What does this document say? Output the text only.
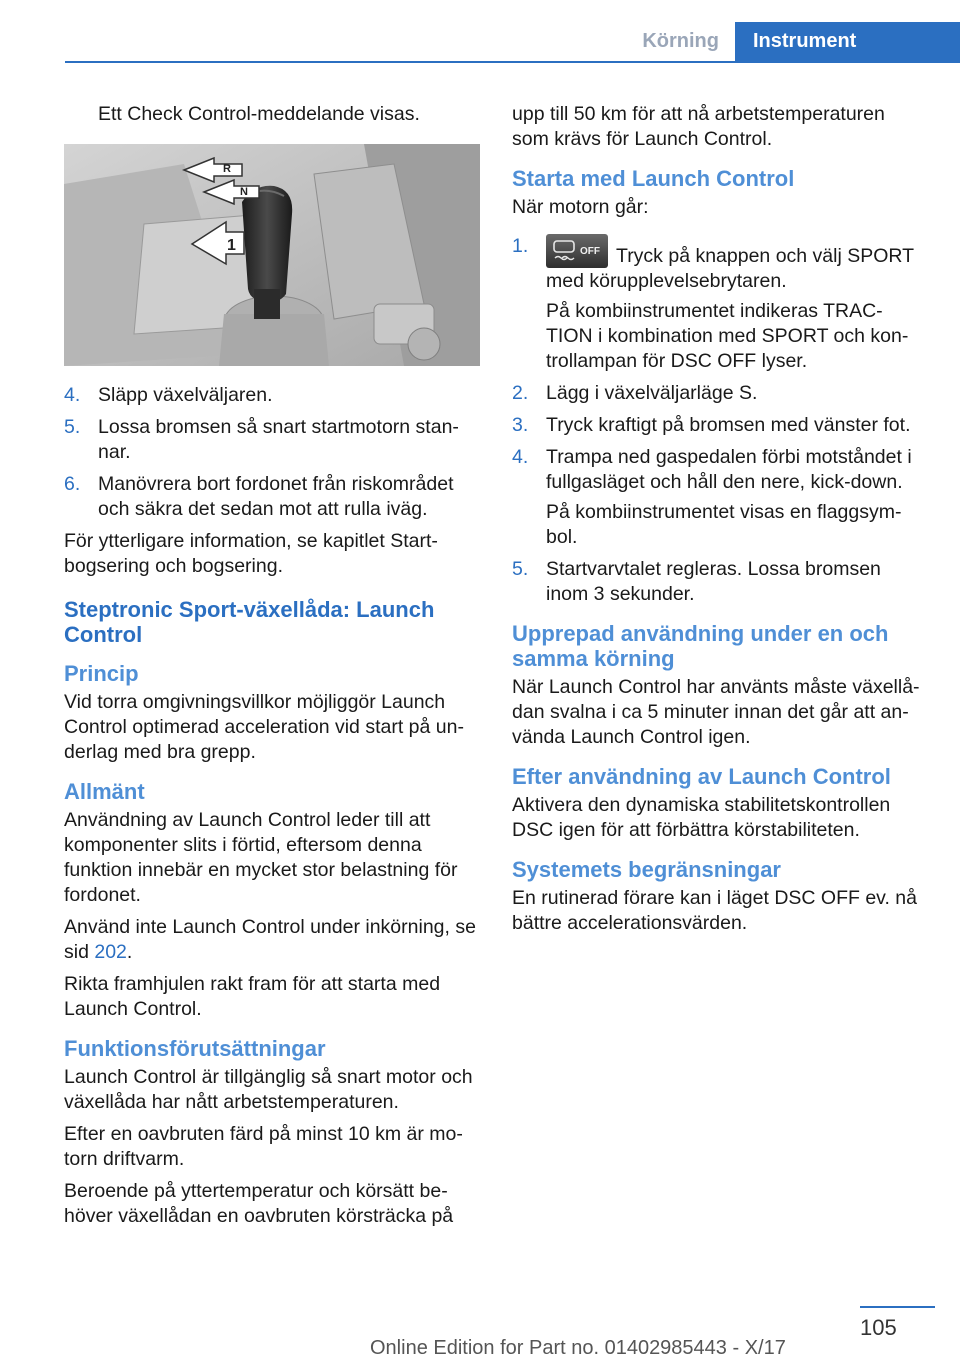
Körning	Instrument

Ett Check Control-meddelande visas.

R
N
1
4. Släpp växelväljaren.
5. Lossa bromsen så snart startmotorn stan-nar.
6. Manövrera bort fordonet från riskområdet och säkra det sedan mot att rulla iväg.

För ytterligare information, se kapitlet Start-bogsering och bogsering.

Steptronic Sport-växellåda: Launch Control
Princip

Vid torra omgivningsvillkor möjliggör Launch Control optimerad acceleration vid start på un-derlag med bra grepp.

Allmänt

Användning av Launch Control leder till att komponenter slits i förtid, eftersom denna funktion innebär en mycket stor belastning för fordonet.

Använd inte Launch Control under inkörning, se sid 202.

Rikta framhjulen rakt fram för att starta med Launch Control.

Funktionsförutsättningar

Launch Control är tillgänglig så snart motor och växellåda har nått arbetstemperaturen.

Efter en oavbruten färd på minst 10 km är mo-torn driftvarm.

Beroende på yttertemperatur och körsätt be-höver växellådan en oavbruten körsträcka på

upp till 50 km för att nå arbetstemperaturen som krävs för Launch Control.

Starta med Launch Control

När motorn går:

1.	OFF Tryck på knappen och välj SPORT med körupplevelsebrytaren.

På kombiinstrumentet indikeras TRAC-TION i kombination med SPORT och kon-trollampan för DSC OFF lyser.

2. Lägg i växelväljarläge S.
3. Tryck kraftigt på bromsen med vänster fot.
4. Trampa ned gaspedalen förbi motståndet i fullgasläget och håll den nere, kick-down.

På kombiinstrumentet visas en flaggsym-bol.

5. Startvarvtalet regleras. Lossa bromsen inom 3 sekunder.
Upprepad användning under en och samma körning

När Launch Control har använts måste växellå-dan svalna i ca 5 minuter innan det går att an-vända Launch Control igen.

Efter användning av Launch Control

Aktivera den dynamiska stabilitetskontrollen DSC igen för att förbättra körstabiliteten.

Systemets begränsningar

En rutinerad förare kan i läget DSC OFF ev. nå bättre accelerationsvärden.

105
Online Edition for Part no. 01402985443 - X/17
